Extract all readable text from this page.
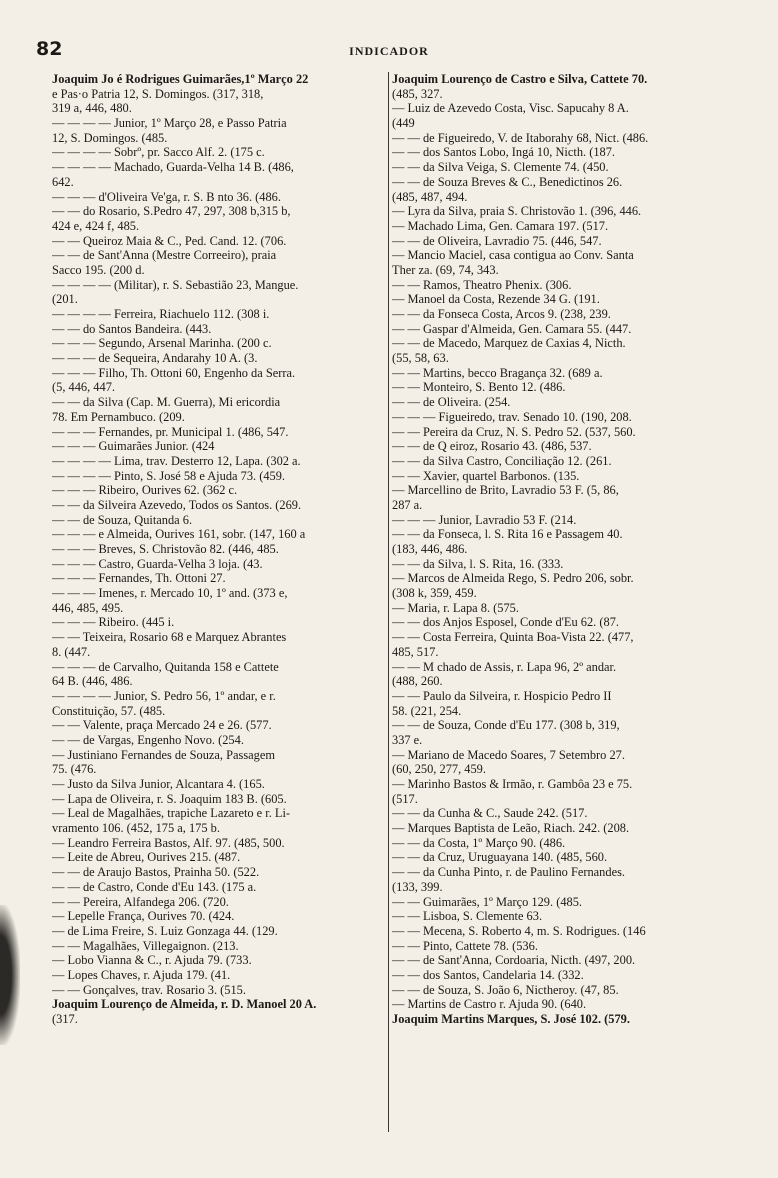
82	INDICADOR
Joaquim Jo é Rodrigues Guimarães,1º Março 22
e Pas·o Patria 12, S. Domingos. (317, 318,
319 a, 446, 480.
— — — — Junior, 1º Março 28, e Passo Patria
12, S. Domingos. (485.
— — — — Sobrº, pr. Sacco Alf. 2. (175 c.
— — — — Machado, Guarda-Velha 14 B. (486,
642.
— — — d'Oliveira Ve'ga, r. S. B nto 36. (486.
— — do Rosario, S.Pedro 47, 297, 308 b,315 b,
424 e, 424 f, 485.
— — Queiroz Maia & C., Ped. Cand. 12. (706.
— — de Sant'Anna (Mestre Correeiro), praia
Sacco 195. (200 d.
— — — — (Militar), r. S. Sebastião 23, Mangue.
(201.
— — — — Ferreira, Riachuelo 112. (308 i.
— — do Santos Bandeira. (443.
— — — Segundo, Arsenal Marinha. (200 c.
— — — de Sequeira, Andarahy 10 A. (3.
— — — Filho, Th. Ottoni 60, Engenho da Serra.
(5, 446, 447.
— — da Silva (Cap. M. Guerra), Mi ericordia
78. Em Pernambuco. (209.
— — — Fernandes, pr. Municipal 1. (486, 547.
— — — Guimarães Junior. (424
— — — — Lima, trav. Desterro 12, Lapa. (302 a.
— — — — Pinto, S. José 58 e Ajuda 73. (459.
— — — Ribeiro, Ourives 62. (362 c.
— — da Silveira Azevedo, Todos os Santos. (269.
— — de Souza, Quitanda 6.
— — — e Almeida, Ourives 161, sobr. (147, 160 a
— — — Breves, S. Christovão 82. (446, 485.
— — — Castro, Guarda-Velha 3 loja. (43.
— — — Fernandes, Th. Ottoni 27.
— — — Imenes, r. Mercado 10, 1º and. (373 e,
446, 485, 495.
— — — Ribeiro. (445 i.
— — Teixeira, Rosario 68 e Marquez Abrantes
8. (447.
— — — de Carvalho, Quitanda 158 e Cattete
64 B. (446, 486.
— — — — Junior, S. Pedro 56, 1º andar, e r.
Constituição, 57. (485.
— — Valente, praça Mercado 24 e 26. (577.
— — de Vargas, Engenho Novo. (254.
— Justiniano Fernandes de Souza, Passagem
75. (476.
— Justo da Silva Junior, Alcantara 4. (165.
— Lapa de Oliveira, r. S. Joaquim 183 B. (605.
— Leal de Magalhães, trapiche Lazareto e r. Li-
vramento 106. (452, 175 a, 175 b.
— Leandro Ferreira Bastos, Alf. 97. (485, 500.
— Leite de Abreu, Ourives 215. (487.
— — de Araujo Bastos, Prainha 50. (522.
— — de Castro, Conde d'Eu 143. (175 a.
— — Pereira, Alfandega 206. (720.
— Lepelle França, Ourives 70. (424.
— de Lima Freire, S. Luiz Gonzaga 44. (129.
— — Magalhães, Villegaignon. (213.
— Lobo Vianna & C., r. Ajuda 79. (733.
— Lopes Chaves, r. Ajuda 179. (41.
— — Gonçalves, trav. Rosario 3. (515.
Joaquim Lourenço de Almeida, r. D. Manoel 20 A.
(317.
Joaquim Lourenço de Castro e Silva, Cattete 70.
(485, 327.
— Luiz de Azevedo Costa, Visc. Sapucahy 8 A.
(449
— — de Figueiredo, V. de Itaborahy 68, Nict. (486.
— — dos Santos Lobo, Ingá 10, Nicth. (187.
— — da Silva Veiga, S. Clemente 74. (450.
— — de Souza Breves & C., Benedictinos 26.
(485, 487, 494.
— Lyra da Silva, praia S. Christovão 1. (396, 446.
— Machado Lima, Gen. Camara 197. (517.
— — de Oliveira, Lavradio 75. (446, 547.
— Mancio Maciel, casa contigua ao Conv. Santa
Ther za. (69, 74, 343.
— — Ramos, Theatro Phenix. (306.
— Manoel da Costa, Rezende 34 G. (191.
— — da Fonseca Costa, Arcos 9. (238, 239.
— — Gaspar d'Almeida, Gen. Camara 55. (447.
— — de Macedo, Marquez de Caxias 4, Nicth.
(55, 58, 63.
— — Martins, becco Bragança 32. (689 a.
— — Monteiro, S. Bento 12. (486.
— — de Oliveira. (254.
— — — Figueiredo, trav. Senado 10. (190, 208.
— — Pereira da Cruz, N. S. Pedro 52. (537, 560.
— — de Q eiroz, Rosario 43. (486, 537.
— — da Silva Castro, Conciliação 12. (261.
— — Xavier, quartel Barbonos. (135.
— Marcellino de Brito, Lavradio 53 F. (5, 86,
287 a.
— — — Junior, Lavradio 53 F. (214.
— — da Fonseca, l. S. Rita 16 e Passagem 40.
(183, 446, 486.
— — da Silva, l. S. Rita, 16. (333.
— Marcos de Almeida Rego, S. Pedro 206, sobr.
(308 k, 359, 459.
— Maria, r. Lapa 8. (575.
— — dos Anjos Esposel, Conde d'Eu 62. (87.
— — Costa Ferreira, Quinta Boa-Vista 22. (477,
485, 517.
— — M chado de Assis, r. Lapa 96, 2º andar.
(488, 260.
— — Paulo da Silveira, r. Hospicio Pedro II
58. (221, 254.
— — de Souza, Conde d'Eu 177. (308 b, 319,
337 e.
— Mariano de Macedo Soares, 7 Setembro 27.
(60, 250, 277, 459.
— Marinho Bastos & Irmão, r. Gambôa 23 e 75.
(517.
— — da Cunha & C., Saude 242. (517.
— Marques Baptista de Leão, Riach. 242. (208.
— — da Costa, 1º Março 90. (486.
— — da Cruz, Uruguayana 140. (485, 560.
— — da Cunha Pinto, r. de Paulino Fernandes.
(133, 399.
— — Guimarães, 1º Março 129. (485.
— — Lisboa, S. Clemente 63.
— — Mecena, S. Roberto 4, m. S. Rodrigues. (146
— — Pinto, Cattete 78. (536.
— — de Sant'Anna, Cordoaria, Nicth. (497, 200.
— — dos Santos, Candelaria 14. (332.
— — de Souza, S. João 6, Nictheroy. (47, 85.
— Martins de Castro r. Ajuda 90. (640.
Joaquim Martins Marques, S. José 102. (579.
